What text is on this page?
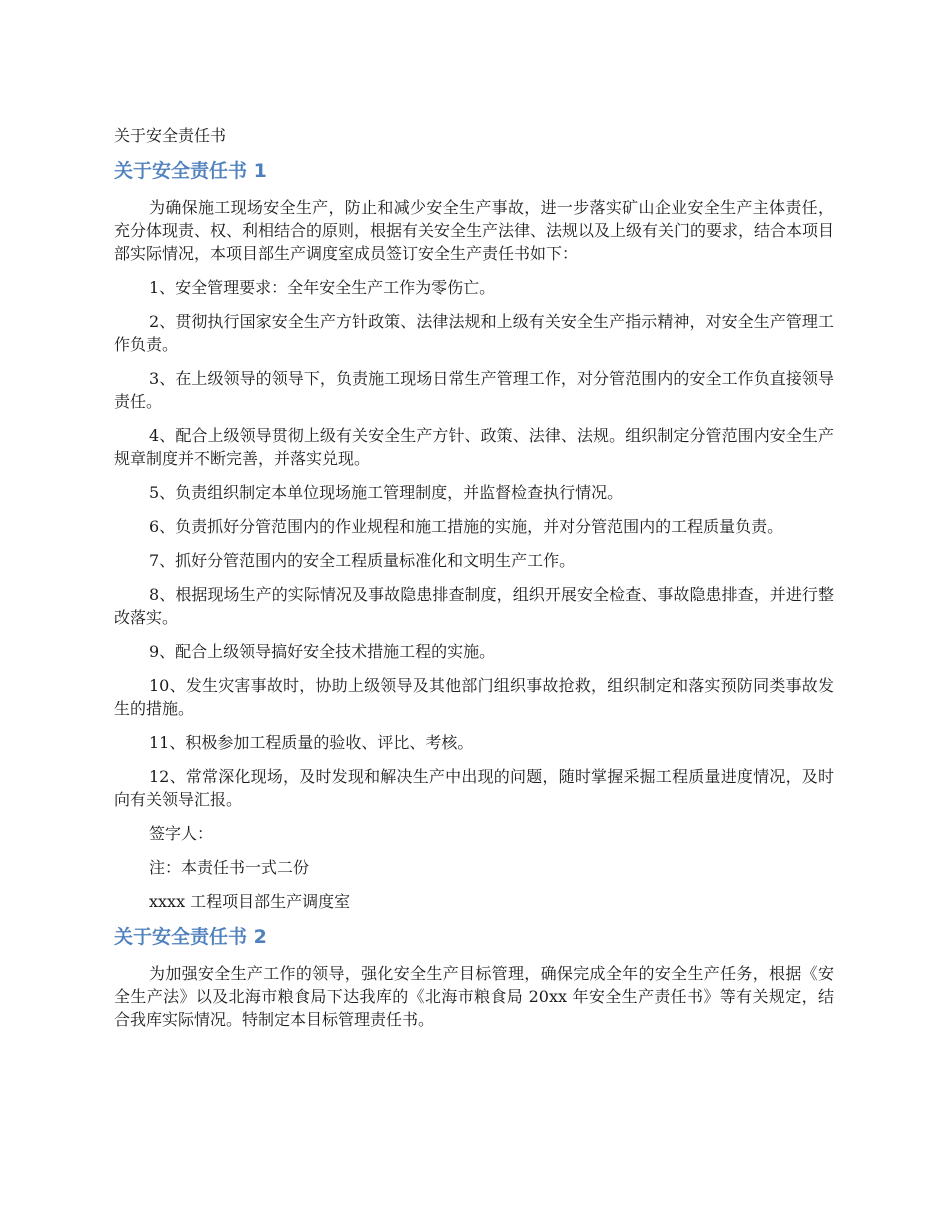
关于安全责任书
关于安全责任书 1

为确保施工现场安全生产，防止和减少安全生产事故，进一步落实矿山企业安全生产主体责任，充分体现责、权、利相结合的原则，根据有关安全生产法律、法规以及上级有关门的要求，结合本项目部实际情况，本项目部生产调度室成员签订安全生产责任书如下：

1、安全管理要求：全年安全生产工作为零伤亡。

2、贯彻执行国家安全生产方针政策、法律法规和上级有关安全生产指示精神，对安全生产管理工作负责。

3、在上级领导的领导下，负责施工现场日常生产管理工作，对分管范围内的安全工作负直接领导责任。

4、配合上级领导贯彻上级有关安全生产方针、政策、法律、法规。组织制定分管范围内安全生产规章制度并不断完善，并落实兑现。

5、负责组织制定本单位现场施工管理制度，并监督检查执行情况。

6、负责抓好分管范围内的作业规程和施工措施的实施，并对分管范围内的工程质量负责。

7、抓好分管范围内的安全工程质量标准化和文明生产工作。

8、根据现场生产的实际情况及事故隐患排查制度，组织开展安全检查、事故隐患排查，并进行整改落实。

9、配合上级领导搞好安全技术措施工程的实施。

10、发生灾害事故时，协助上级领导及其他部门组织事故抢救，组织制定和落实预防同类事故发生的措施。

11、积极参加工程质量的验收、评比、考核。

12、常常深化现场，及时发现和解决生产中出现的问题，随时掌握采掘工程质量进度情况，及时向有关领导汇报。

签字人：

注：本责任书一式二份

xxxx 工程项目部生产调度室

关于安全责任书 2

为加强安全生产工作的领导，强化安全生产目标管理，确保完成全年的安全生产任务，根据《安全生产法》以及北海市粮食局下达我库的《北海市粮食局 20xx 年安全生产责任书》等有关规定，结合我库实际情况。特制定本目标管理责任书。
